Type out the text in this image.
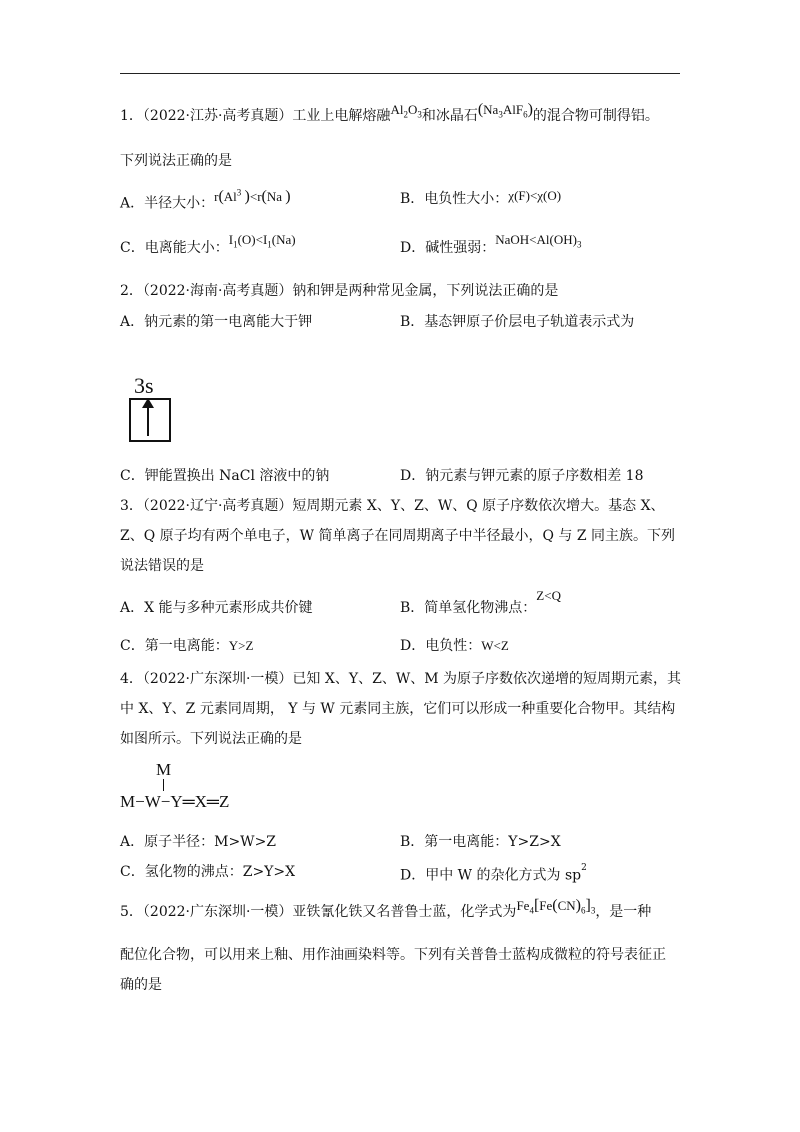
1．（2022·江苏·高考真题）工业上电解熔融$Al_2O_3$和冰晶石$(Na_3AlF_6)$的混合物可制得铝。
下列说法正确的是
A．半径大小：r(Al$^3$ )<r(Na )	B．电负性大小：χ(F)<χ(O)
C．电离能大小：$I_1(O)<I_1(Na)$
D．碱性强弱：$NaOH<Al(OH)_3$
2．（2022·海南·高考真题）钠和钾是两种常见金属，下列说法正确的是
A．钠元素的第一电离能大于钾	B．基态钾原子价层电子轨道表示式为
3s
C．钾能置换出 NaCl 溶液中的钠	D．钠元素与钾元素的原子序数相差 18
3．（2022·辽宁·高考真题）短周期元素 X、Y、Z、W、Q 原子序数依次增大。基态 X、
Z、Q 原子均有两个单电子，W 简单离子在同周期离子中半径最小，Q 与 Z 同主族。下列
说法错误的是
A．X 能与多种元素形成共价键	B．简单氢化物沸点：Z<Q
C．第一电离能：Y>Z	D．电负性：W<Z
4．（2022·广东深圳·一模）已知 X、Y、Z、W、M 为原子序数依次递增的短周期元素，其
中 X、Y、Z 元素同周期， Y 与 W 元素同主族，它们可以形成一种重要化合物甲。其结构
如图所示。下列说法正确的是
M
M−W−Y═X═Z
A．原子半径：M>W>Z	B．第一电离能：Y>Z>X
C．氢化物的沸点：Z>Y>X	D．甲中 W 的杂化方式为 $sp^2$
5．（2022·广东深圳·一模）亚铁氰化铁又名普鲁士蓝，化学式为$Fe_4[Fe(CN)_6]_3$，是一种
配位化合物，可以用来上釉、用作油画染料等。下列有关普鲁士蓝构成微粒的符号表征正
确的是
